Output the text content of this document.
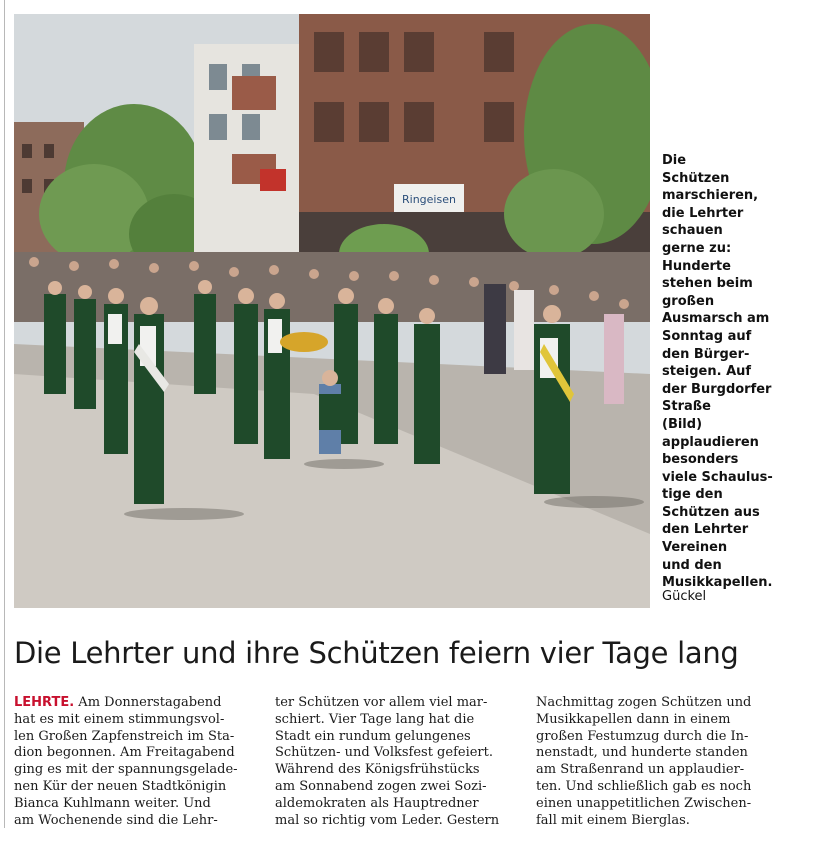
Ringeisen
Die
Schützen
marschieren,
die Lehrter
schauen
gerne zu:
Hunderte
stehen beim
großen
Ausmarsch am
Sonntag auf
den Bürger-
steigen. Auf
der Burgdorfer
Straße
(Bild)
applaudieren
besonders
viele Schaulus-
tige den
Schützen aus
den Lehrter
Vereinen
und den
Musikkapellen.
Gückel
Die Lehrter und ihre Schützen feiern vier Tage lang
LEHRTE. Am Donnerstagabend
hat es mit einem stimmungsvol-
len Großen Zapfenstreich im Sta-
dion begonnen. Am Freitagabend
ging es mit der spannungsgelade-
nen Kür der neuen Stadtkönigin
Bianca Kuhlmann weiter. Und
am Wochenende sind die Lehr-
ter Schützen vor allem viel mar-
schiert. Vier Tage lang hat die
Stadt ein rundum gelungenes
Schützen- und Volksfest gefeiert.
Während des Königsfrühstücks
am Sonnabend zogen zwei Sozi-
aldemokraten als Hauptredner
mal so richtig vom Leder. Gestern
Nachmittag zogen Schützen und
Musikkapellen dann in einem
großen Festumzug durch die In-
nenstadt, und hunderte standen
am Straßenrand un applaudier-
ten. Und schließlich gab es noch
einen unappetitlichen Zwischen-
fall mit einem Bierglas.
